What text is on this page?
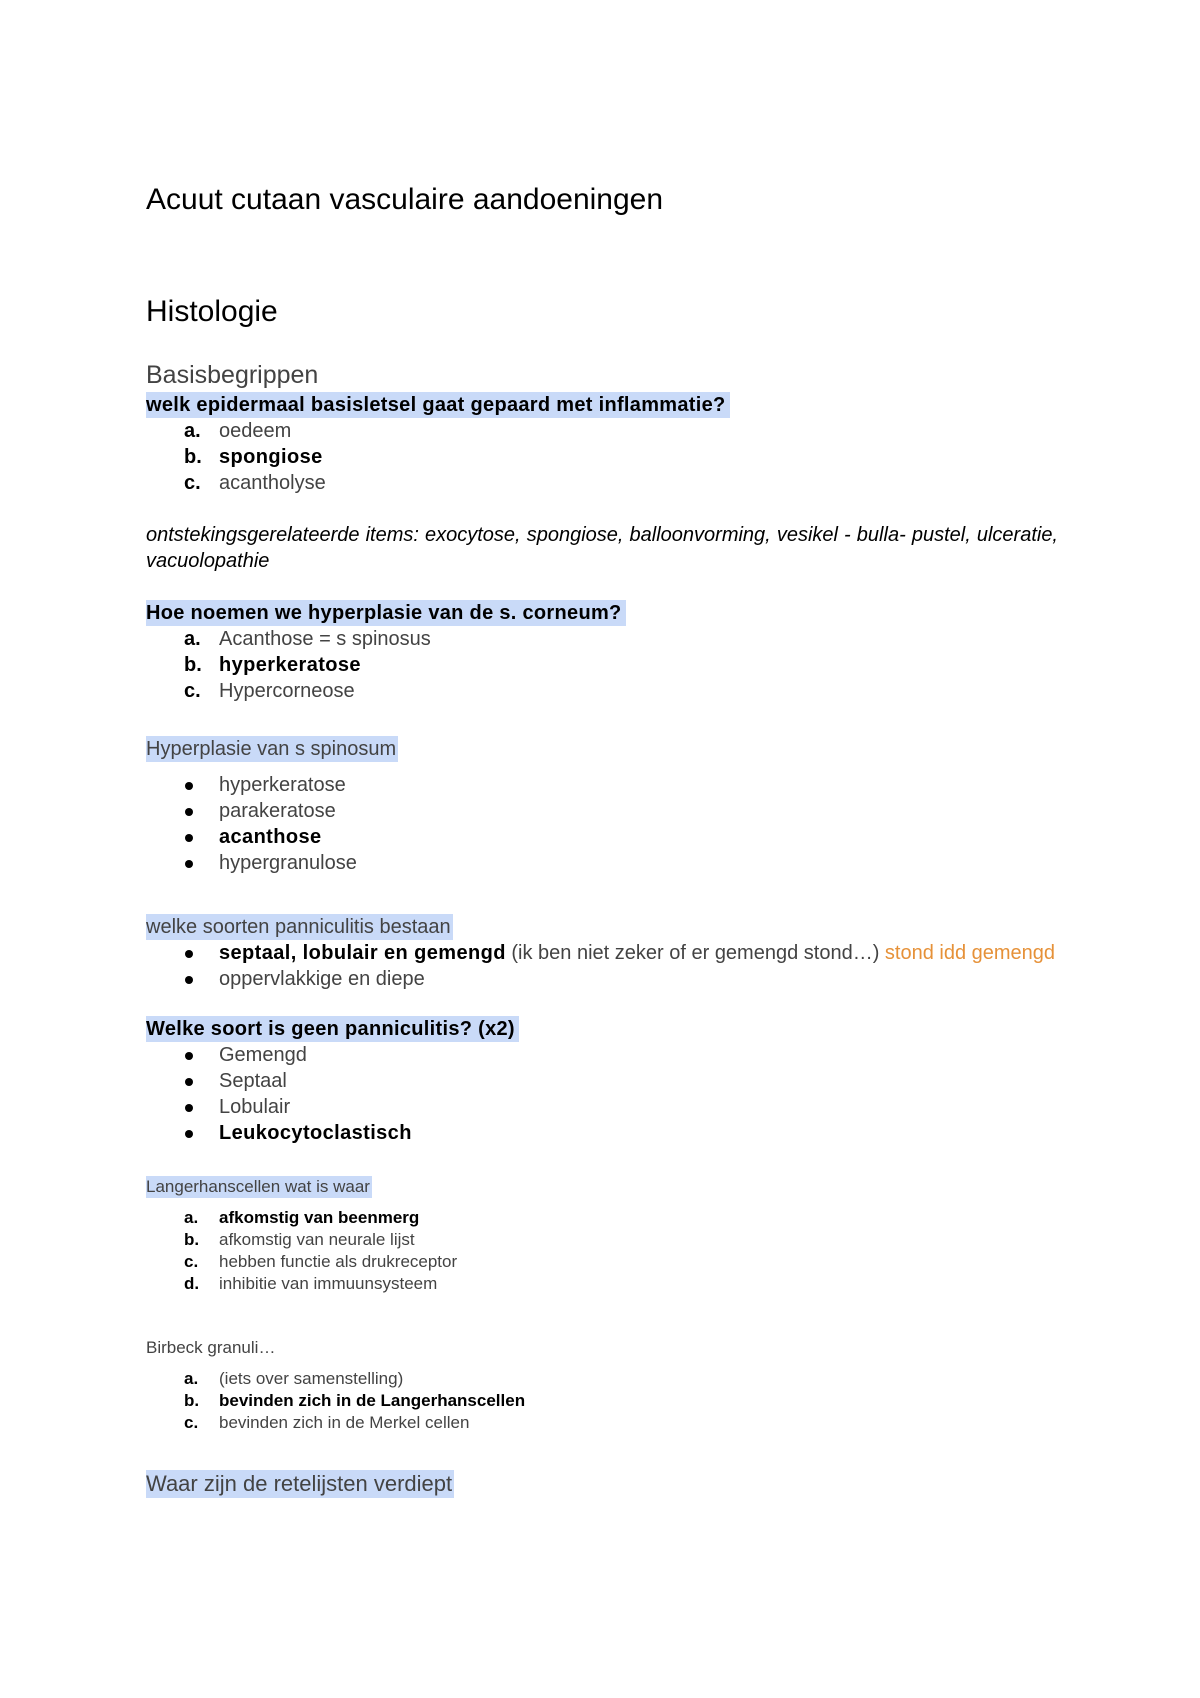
Acuut cutaan vasculaire aandoeningen
Histologie
Basisbegrippen
welk epidermaal basisletsel gaat gepaard met inflammatie?
a. oedeem
b. spongiose
c. acantholyse

ontstekingsgerelateerde items: exocytose, spongiose, balloonvorming, vesikel - bulla- pustel, ulceratie, vacuolopathie

Hoe noemen we hyperplasie van de s. corneum?
a. Acanthose = s spinosus
b. hyperkeratose
c. Hypercorneose
Hyperplasie van s spinosum
hyperkeratose
parakeratose
acanthose
hypergranulose
welke soorten panniculitis bestaan
septaal, lobulair en gemengd (ik ben niet zeker of er gemengd stond…) stond idd gemengd
oppervlakkige en diepe
Welke soort is geen panniculitis? (x2)
Gemengd
Septaal
Lobulair
Leukocytoclastisch
Langerhanscellen wat is waar
a. afkomstig van beenmerg
b. afkomstig van neurale lijst
c. hebben functie als drukreceptor
d. inhibitie van immuunsysteem
Birbeck granuli…
a. (iets over samenstelling)
b. bevinden zich in de Langerhanscellen
c. bevinden zich in de Merkel cellen
Waar zijn de retelijsten verdiept
